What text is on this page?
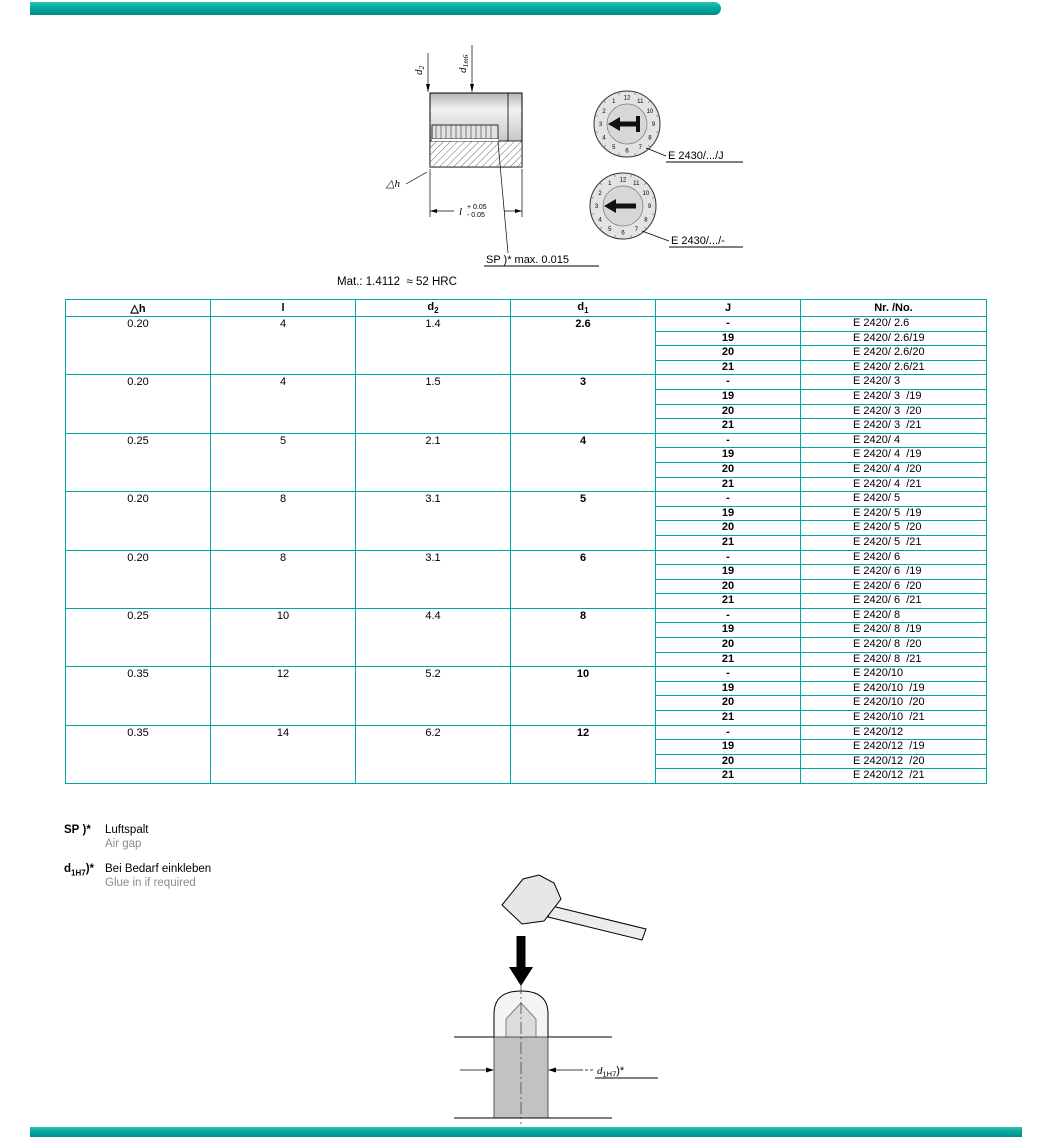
d2	d1m6
△h
l + 0.05
- 0.05
SP )* max. 0.015
1
2
3
4
5
6
7
8
9
10
11
12
E 2430/.../J
1
2
3
4
5
6
7
8
9
10
11
12
E 2430/.../-
Mat.: 1.4112  ≈ 52 HRC
△h	l	$d_2$	$d_1$	J	Nr. /No.
0.20	4	1.4	2.6	-	E 2420/ 2.6
				19	E 2420/ 2.6/19
				20	E 2420/ 2.6/20
				21	E 2420/ 2.6/21
0.20	4	1.5	3	-	E 2420/ 3
				19	E 2420/ 3  /19
				20	E 2420/ 3  /20
				21	E 2420/ 3  /21
0.25	5	2.1	4	-	E 2420/ 4
				19	E 2420/ 4  /19
				20	E 2420/ 4  /20
				21	E 2420/ 4  /21
0.20	8	3.1	5	-	E 2420/ 5
				19	E 2420/ 5  /19
				20	E 2420/ 5  /20
				21	E 2420/ 5  /21
0.20	8	3.1	6	-	E 2420/ 6
				19	E 2420/ 6  /19
				20	E 2420/ 6  /20
				21	E 2420/ 6  /21
0.25	10	4.4	8	-	E 2420/ 8
				19	E 2420/ 8  /19
				20	E 2420/ 8  /20
				21	E 2420/ 8  /21
0.35	12	5.2	10	-	E 2420/10
				19	E 2420/10  /19
				20	E 2420/10  /20
				21	E 2420/10  /21
0.35	14	6.2	12	-	E 2420/12
				19	E 2420/12  /19
				20	E 2420/12  /20
				21	E 2420/12  /21
SP )*	Luftspalt
Air gap
$d_{1H7})*$ Bei Bedarf einkleben
Glue in if required
$d_{1H7})*$
